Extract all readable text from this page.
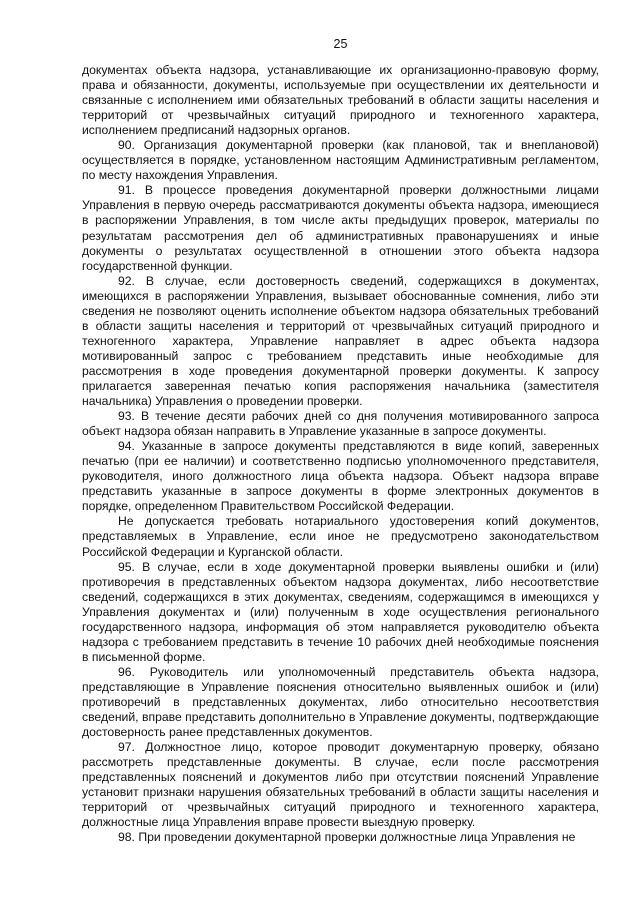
25

документах объекта надзора, устанавливающие их организационно-правовую форму, права и обязанности, документы, используемые при осуществлении их деятельности и связанные с исполнением ими обязательных требований в области защиты населения и территорий от чрезвычайных ситуаций природного и техногенного характера, исполнением предписаний надзорных органов.

90. Организация документарной проверки (как плановой, так и внеплановой) осуществляется в порядке, установленном настоящим Административным регламентом, по месту нахождения Управления.

91. В процессе проведения документарной проверки должностными лицами Управления в первую очередь рассматриваются документы объекта надзора, имеющиеся в распоряжении Управления, в том числе акты предыдущих проверок, материалы по результатам рассмотрения дел об административных правонарушениях и иные документы о результатах осуществленной в отношении этого объекта надзора государственной функции.

92. В случае, если достоверность сведений, содержащихся в документах, имеющихся в распоряжении Управления, вызывает обоснованные сомнения, либо эти сведения не позволяют оценить исполнение объектом надзора обязательных требований в области защиты населения и территорий от чрезвычайных ситуаций природного и техногенного характера, Управление направляет в адрес объекта надзора мотивированный запрос с требованием представить иные необходимые для рассмотрения в ходе проведения документарной проверки документы. К запросу прилагается заверенная печатью копия распоряжения начальника (заместителя начальника) Управления о проведении проверки.

93. В течение десяти рабочих дней со дня получения мотивированного запроса объект надзора обязан направить в Управление указанные в запросе документы.

94. Указанные в запросе документы представляются в виде копий, заверенных печатью (при ее наличии) и соответственно подписью уполномоченного представителя, руководителя, иного должностного лица объекта надзора. Объект надзора вправе представить указанные в запросе документы в форме электронных документов в порядке, определенном Правительством Российской Федерации.

Не допускается требовать нотариального удостоверения копий документов, представляемых в Управление, если иное не предусмотрено законодательством Российской Федерации и Курганской области.

95. В случае, если в ходе документарной проверки выявлены ошибки и (или) противоречия в представленных объектом надзора документах, либо несоответствие сведений, содержащихся в этих документах, сведениям, содержащимся в имеющихся у Управления документах и (или) полученным в ходе осуществления регионального государственного надзора, информация об этом направляется руководителю объекта надзора с требованием представить в течение 10 рабочих дней необходимые пояснения в письменной форме.

96. Руководитель или уполномоченный представитель объекта надзора, представляющие в Управление пояснения относительно выявленных ошибок и (или) противоречий в представленных документах, либо относительно несоответствия сведений, вправе представить дополнительно в Управление документы, подтверждающие достоверность ранее представленных документов.

97. Должностное лицо, которое проводит документарную проверку, обязано рассмотреть представленные документы. В случае, если после рассмотрения представленных пояснений и документов либо при отсутствии пояснений Управление установит признаки нарушения обязательных требований в области защиты населения и территорий от чрезвычайных ситуаций природного и техногенного характера, должностные лица Управления вправе провести выездную проверку.

98. При проведении документарной проверки должностные лица Управления не
